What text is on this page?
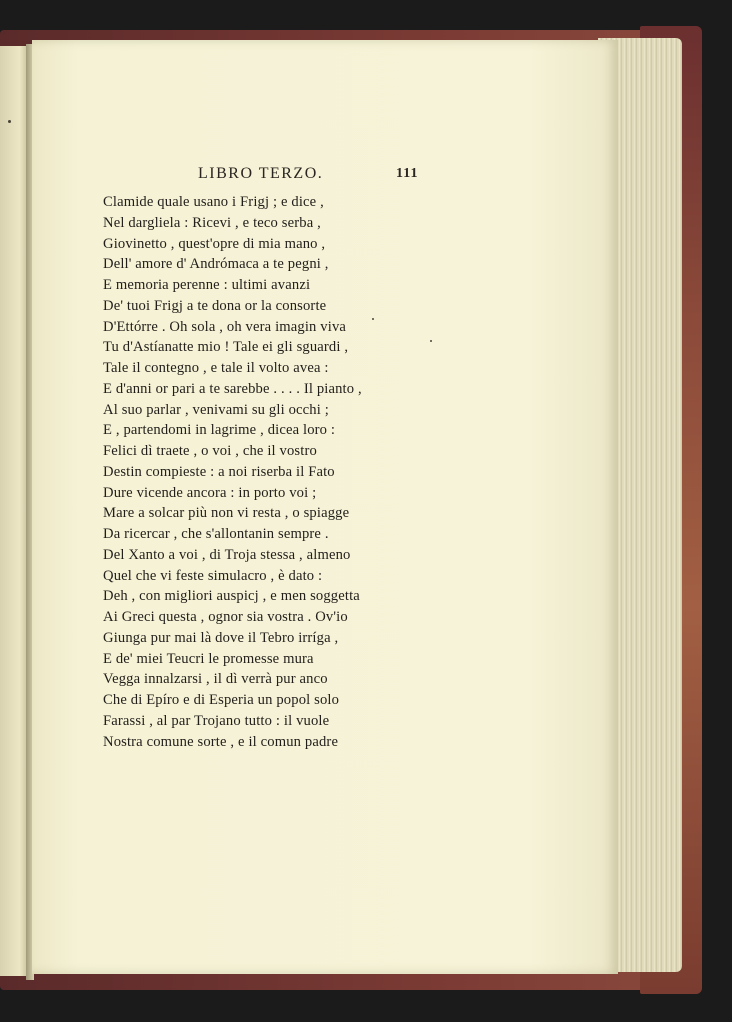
LIBRO TERZO.	111
Clamide quale usano i Frigj ; e dice ,
Nel dargliela : Ricevi , e teco serba ,
Giovinetto , quest'opre di mia mano ,
Dell' amore d' Andrómaca a te pegni ,
E memoria perenne : ultimi avanzi
De' tuoi Frigj a te dona or la consorte
D'Ettórre . Oh sola , oh vera imagin viva
Tu d'Astíanatte mio ! Tale ei gli sguardi ,
Tale il contegno , e tale il volto avea :
E d'anni or pari a te sarebbe . . . . Il pianto ,
Al suo parlar , venivami su gli occhi ;
E , partendomi in lagrime , dicea loro :
Felici dì traete , o voi , che il vostro
Destin compieste : a noi riserba il Fato
Dure vicende ancora : in porto voi ;
Mare a solcar più non vi resta , o spiagge
Da ricercar , che s'allontanin sempre .
Del Xanto a voi , di Troja stessa , almeno
Quel che vi feste simulacro , è dato :
Deh , con migliori auspicj , e men soggetta
Ai Greci questa , ognor sia vostra . Ov'io
Giunga pur mai là dove il Tebro irríga ,
E de' miei Teucri le promesse mura
Vegga innalzarsi , il dì verrà pur anco
Che di Epíro e di Esperia un popol solo
Farassi , al par Trojano tutto : il vuole
Nostra comune sorte , e il comun padre
